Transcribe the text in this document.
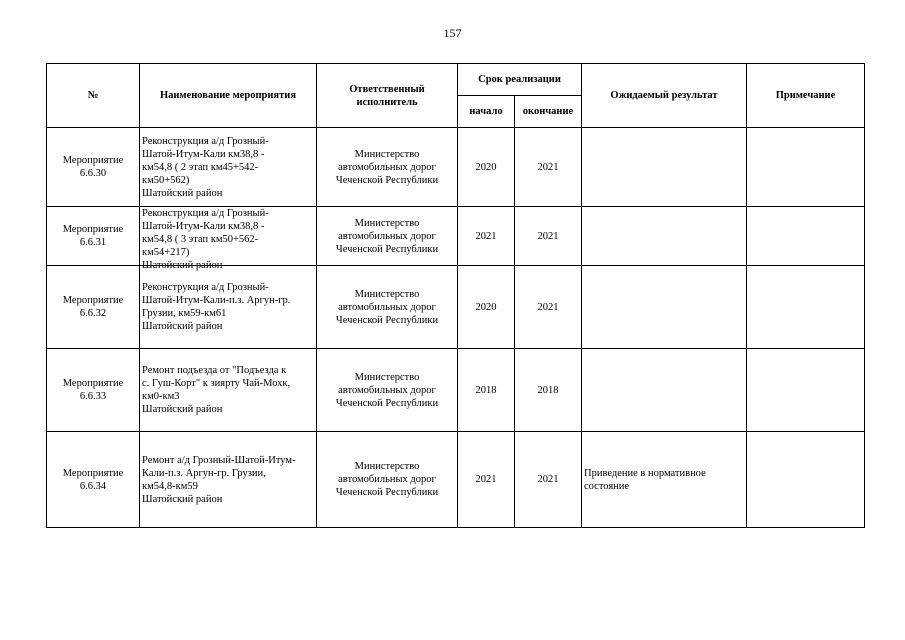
157
№	Наименование мероприятия	Ответственный исполнитель	Срок реализации		Ожидаемый результат	Примечание
			начало	окончание		
Мероприятие
6.6.30	Реконструкция а/д Грозный-
Шатой-Итум-Кали км38,8 -
км54,8 ( 2 этап км45+542-
км50+562)
Шатойский район	Министерство
автомобильных дорог
Чеченской Республики	2020	2021		
Мероприятие
6.6.31	Реконструкция а/д Грозный-
Шатой-Итум-Кали км38,8 -
км54,8 ( 3 этап км50+562-
км54+217)
Шатойский район	Министерство
автомобильных дорог
Чеченской Республики	2021	2021		
Мероприятие
6.6.32	Реконструкция а/д Грозный-
Шатой-Итум-Кали-п.з. Аргун-гр.
Грузии, км59-км61
Шатойский район	Министерство
автомобильных дорог
Чеченской Республики	2020	2021		
Мероприятие
6.6.33	Ремонт подъезда от "Подъезда к
с. Гуш-Корт" к зиярту Чай-Мохк,
км0-км3
Шатойский район	Министерство
автомобильных дорог
Чеченской Республики	2018	2018		
Мероприятие
6.6.34	Ремонт а/д Грозный-Шатой-Итум-
Кали-п.з. Аргун-гр. Грузии,
км54,8-км59
Шатойский район	Министерство
автомобильных дорог
Чеченской Республики	2021	2021	Приведение в нормативное
состояние	
